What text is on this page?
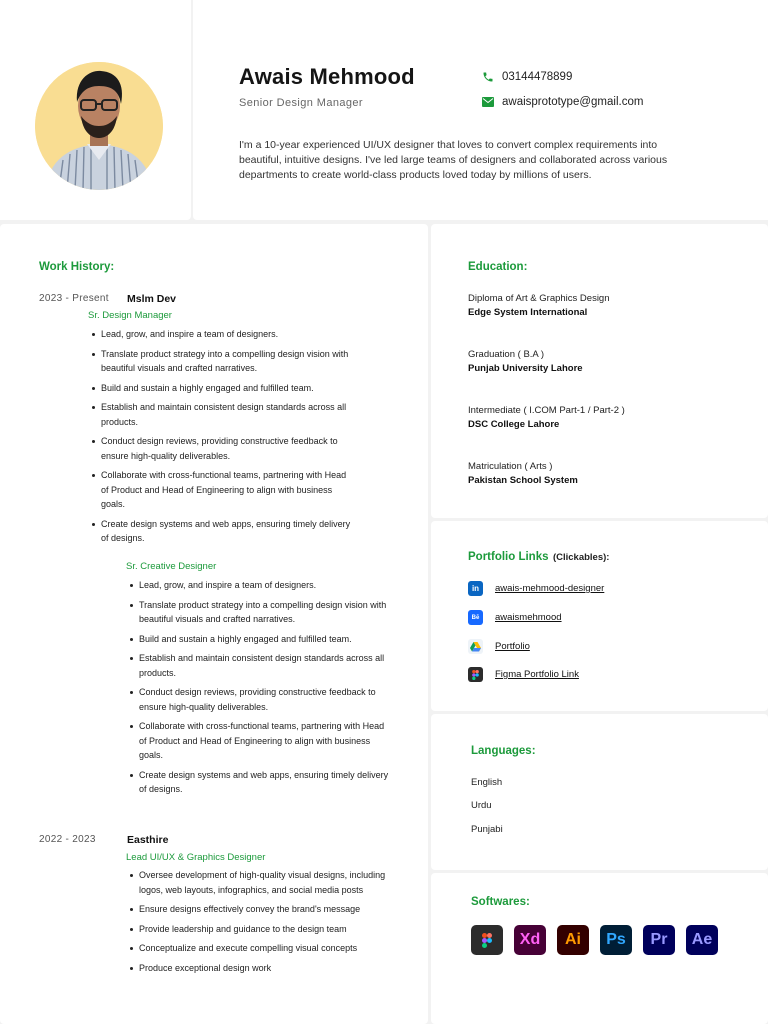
Awais Mehmood
Senior Design Manager
03144478899
awaisprototype@gmail.com
I'm a 10-year experienced UI/UX designer that loves to convert complex requirements into beautiful, intuitive designs. I've led large teams of designers and collaborated across various departments to create world-class products loved today by millions of users.
Work History:
2023 - Present Mslm Dev
Sr. Design Manager
Lead, grow, and inspire a team of designers.
Translate product strategy into a compelling design vision with beautiful visuals and crafted narratives.
Build and sustain a highly engaged and fulfilled team.
Establish and maintain consistent design standards across all products.
Conduct design reviews, providing constructive feedback to ensure high-quality deliverables.
Collaborate with cross-functional teams, partnering with Head of Product and Head of Engineering to align with business goals.
Create design systems and web apps, ensuring timely delivery of designs.
Sr. Creative Designer
Lead, grow, and inspire a team of designers.
Translate product strategy into a compelling design vision with beautiful visuals and crafted narratives.
Build and sustain a highly engaged and fulfilled team.
Establish and maintain consistent design standards across all products.
Conduct design reviews, providing constructive feedback to ensure high-quality deliverables.
Collaborate with cross-functional teams, partnering with Head of Product and Head of Engineering to align with business goals.
Create design systems and web apps, ensuring timely delivery of designs.
2022 - 2023	Easthire
Lead UI/UX & Graphics Designer
Oversee development of high-quality visual designs, including logos, web layouts, infographics, and social media posts
Ensure designs effectively convey the brand's message
Provide leadership and guidance to the design team
Conceptualize and execute compelling visual concepts
Produce exceptional design work
Education:
Diploma of Art & Graphics Design
Edge System International
Graduation ( B.A )
Punjab University Lahore
Intermediate ( I.COM Part-1 / Part-2 )
DSC College Lahore
Matriculation ( Arts )
Pakistan School System
Portfolio Links (Clickables):
in	awais-mehmood-designer
Bē	awaismehmood
Portfolio
Figma Portfolio Link
Languages:
English
Urdu
Punjabi
Softwares:
Xd	Ai	Ps	Pr	Ae
